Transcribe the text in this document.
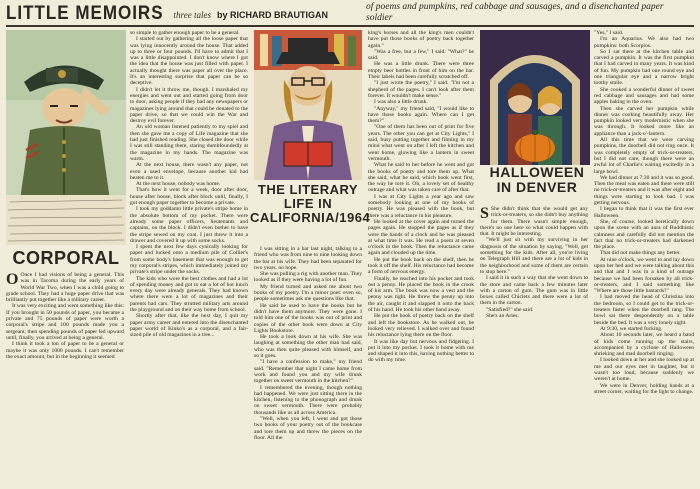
LITTLE MEMOIRS three tales by RICHARD BRAUTIGAN
of poems and pumpkins, red cabbage and sausages, and a disenchanted paper soldier
CORPORAL

O Once I had visions of being a general. This was in Tacoma during the early years of World War Two, when I was a child going to grade school. They had a huge paper drive that was brilliantly put together like a military career.

It was very exciting and went something like this: If you brought in 50 pounds of paper, you became a private and 75 pounds of paper were worth a corporal's stripe and 100 pounds made you a sergeant, then spending pounds of paper led upward until, finally, you arrived at being a general.

I think it took a ton of paper to be a general or maybe it was only 1000 pounds. I can't remember the exact amount, but in the beginning it seemed

so simple to gather enough paper to be a general.

I started out by gathering all the loose paper that was lying innocently around the house. That added up to three or four pounds. I'll have to admit that I was a little disappointed. I don't know where I got the idea that the house was just filled with paper. I actually thought there was paper all over the place. It's an interesting surprise that paper can be so deceptive.

I didn't let it throw me, though. I marshaled my energies and went out and started going from door to door, asking people if they had any newspapers or magazines lying around that could be donated to the paper drive, so that we could win the War and destroy evil forever.

An old woman listened patiently to my spiel and then she gave me a copy of Life magazine that she had just finished reading. She closed the door while I was still standing there, staring dumbfoundedly at the magazine in my hands. The magazine was warm.

At the next house, there wasn't any paper, not even a used envelope, because another kid had beaten me to it.

At the next house, nobody was home.

That's how it went for a week, door after door, house after house, block after block until, finally, I got enough paper together to become a private.

I took my goddamn little private's stripe home in the absolute bottom of my pocket. There were already some paper officers, lieutenants and captains, on the block. I didn't even bother to have the stripe sewed on my coat. I just threw it into a drawer and covered it up with some socks.

I spent the next few days cynically looking for paper and lucked onto a medium pile of Collier's from some body's basement that was enough to get my corporal's stripes, which immediately joined my private's stripe under the socks.

The kids who wore the best clothes and had a lot of spending money and got to eat a lot of hot lunch every day were already generals. They had known where there were a lot of magazines and their parents had cars. They strutted military arts around the playground and on their way home from school.

Shortly after that, like the next day, I quit my paper army career and entered into the disenchanted paper world of Kinko's as a corporal, and a fair-sized pile of old magazines in a tree...

THE LITERARY LIFE IN CALIFORNIA/1964

I was sitting in a bar last night, talking to a friend who was from nine to nine looking down the bar at his wife. They had been separated for two years. no hope.

She was pulling a rig with another man. They looked as if they were having a lot of fun.

My friend turned and asked me about two books of my poetry. I'm a minor poet: even so, people sometimes ask me questions like that.

He said he used to have the books but he didn't have them anymore. They were gone. I told him one of the books was out of print and copies of the other book were down at City Lights Bookstore.

He took a look down at his wife. She was laughing at something the other man had said, who was then quite pleased with himself, and so it goes.

"I have a confession to make," my friend said. "Remember that night I came home from work and found you and my wife drunk together on sweet vermouth in the kitchen?"

I remembered the evening, though nothing had happened. We were just sitting there in the kitchen, listening to the phonograph and drunk on sweet vermouth. There were probably thousands like us all across America.

"Well, when you left, I went and got those two books of your poetry out of the bookcase and tore them up and threw the pieces on the floor. All the

king's horses and all the king's men couldn't have put those books of poetry back together again."

"Was a free, but a few," I said. "What?" he said.

He was a little drunk. There were three empty beer bottles in front of him on the bar. Their labels had been carefully scratched off.

"I just wrote the poetry," I said. "I'm not a shepherd of the pages. I can't look after them forever. It wouldn't make sense."

I was also a little drunk.

"Anyway," my friend said, "I would like to have those books again. Where can I get them?"

"One of them has been out of print for five years. The other you can get at City Lights," I said, busy putting together and filming in my mind what went on after I left the kitchen and went home, glowing like a lantern in sweet vermouth.

What he said to her before he went and got the books of poetry and tore them up. What she said, what he said, which book went first, the way he tore it. Oh, a lovely set of healthy outrage and what was taken care of after that.

I was at City Lights a year ago and saw somebody looking at one of my books of poetry. He was pleased with the book, but there was a reluctance in his pleasure.

He looked at the cover again and turned the pages again. He stopped the pages as if they were the hands of a clock and he was pleased at what time it was. He read a poem at seven o'clock in the book. Then the reluctance came again and clouded up the time.

He put the book back on the shelf, then he took it off the shelf. His reluctance had become a form of nervous energy.

Finally, he reached into his pocket and took out a penny. He placed the book in the crook of his arm. The book was now a vest and the penny was tight. He threw the penny up into the air, caught it and slapped it onto the back of his hand. He took his other hand away.

He put the book of poetry back on the shelf and left the bookstore. As he walked out, he looked very relieved. I walked over and found his reluctance lying there on the floor.

It was like day but nervous and fidgeting. I put it into my pocket. I took it home with me and shaped it into this, having nothing better to do with my time.

HALLOWEEN IN DENVER

S She didn't think that she would get any trick-or-treaters, so she didn't buy anything for them. There wasn't simple enough, there's no one here so what could happen with that. It might be interesting.

"We'll just sit with my surviving in her diagnosis of the situation by saying, "Well, get something for the kids. After all, you're living on Telegraph Hill and there are a lot of kids in the neighborhood and some of them are certain to stop here."

I said it in such a way that she went down to the store and came back a few minutes later with a carton of gum. The gum was in little boxes called Chiclets and there were a lot of them in the carton.

"Satisfied?" she said.

She's an Aries.

"Yes," I said.

I'm an Aquarius. We also had two pumpkins: both Scorpios.

So I sat there at the kitchen table and carved a pumpkin. It was the first pumpkin that I had carved in many years. It was kind of fun. My pumpkin had one round eye and one triangular eye and a narrow bright toothy smile.

She cooked a wonderful dinner of sweet red cabbage and sausages and had some apples baking in the oven.

Then she carved her pumpkin while dinner was cooking beautifully away. Her pumpkin looked very modernistic when she was through. It looked more like an appliance than a jack-o'-lantern.

All this time that we were carving pumpkins, the doorbell did not ring once. It was completely empty of trick-or-treaters, but I did not care, though there were an awful lot of Charlie's waiting excitedly in a large bowl.

We had dinner at 7:30 and it was so good. Then the meal was eaten and there were still no trick-or-treaters and it was after eight and things were starting to look bad. I was getting nervous.

I began to think that it was the first ever Halloween.

She, of course, looked heretically down upon the scene with an aura of Buddhistic calmness and carefully did not mention the fact that no trick-or-treaters had darkened the place.

That did not make things any better.

At nine o'clock, we went to and lay down upon her bed and we were talking about this and that and I was in a kind of outrage because we had been forsaken by all trick-or-treaters, and I said something like "Where are those little bastards?"

I had moved the head of Christina into the bedroom, so I could get to the trick-or-treaters faster when the doorbell rang. The bowl sat there despondently on a table beside the bed. It was a very lonely sight.

At 9:30, we started fucking.

About 10 seconds later, we heard a band of kids come running up the stairs, accompanied by a cyclone of Halloween shrieking and mad doorbell ringing.

I looked down at her and she looked up at me and our eyes met in laughter, but it wasn't too loud, because suddenly we weren't at home.

We were in Denver, holding hands at a street corner, waiting for the light to change.
